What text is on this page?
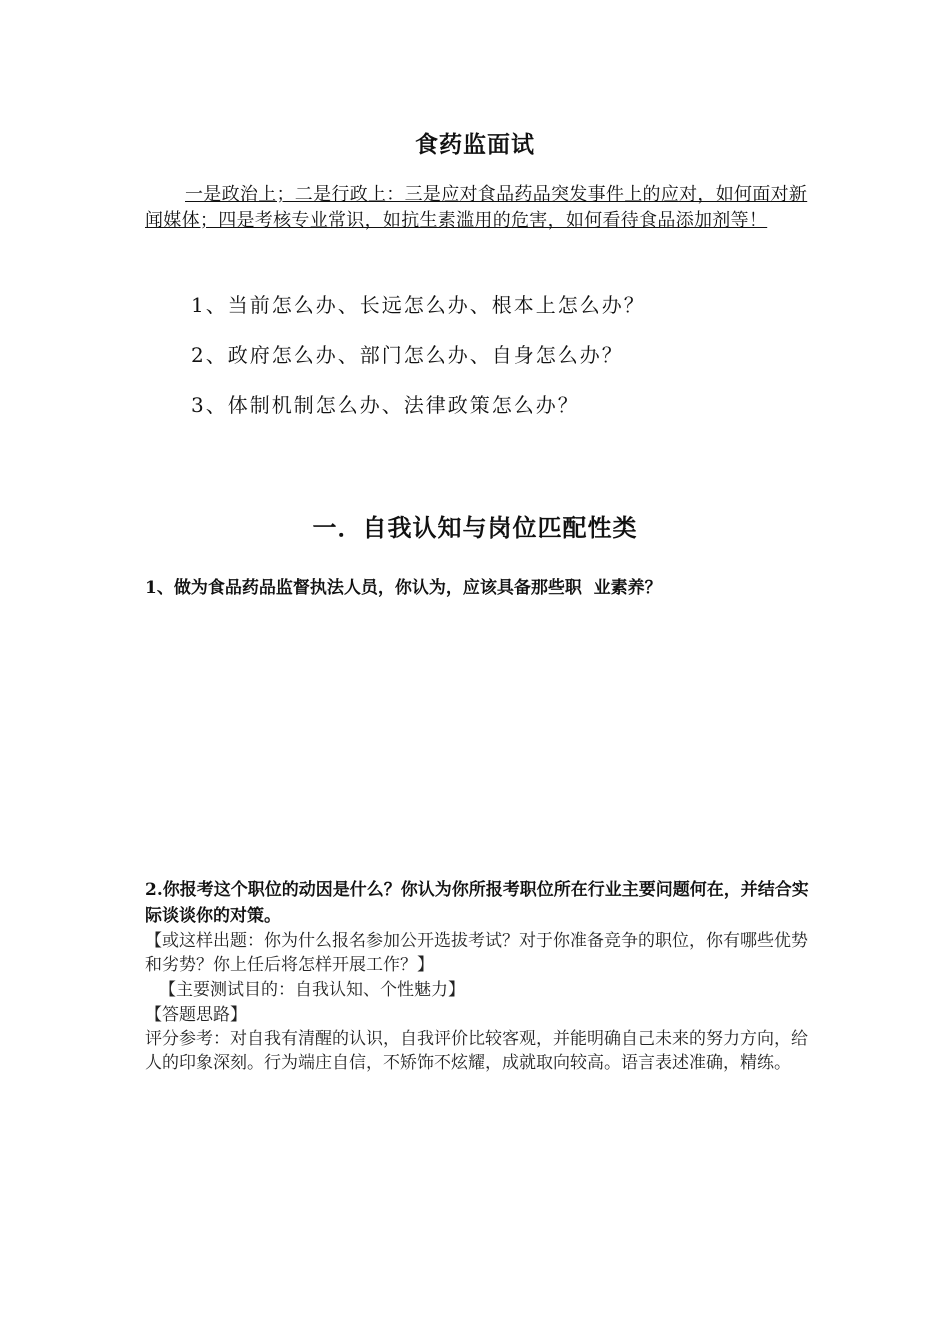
食药监面试
一是政治上；二是行政上：三是应对食品药品突发事件上的应对，如何面对新闻媒体；四是考核专业常识，如抗生素滥用的危害，如何看待食品添加剂等！
1、当前怎么办、长远怎么办、根本上怎么办？
2、政府怎么办、部门怎么办、自身怎么办？
3、体制机制怎么办、法律政策怎么办？
一．自我认知与岗位匹配性类
1、做为食品药品监督执法人员，你认为，应该具备那些职  业素养？
2.你报考这个职位的动因是什么？你认为你所报考职位所在行业主要问题何在，并结合实际谈谈你的对策。
【或这样出题：你为什么报名参加公开选拔考试？对于你准备竞争的职位，你有哪些优势和劣势？你上任后将怎样开展工作？】
【主要测试目的：自我认知、个性魅力】
【答题思路】
评分参考：对自我有清醒的认识，自我评价比较客观，并能明确自己未来的努力方向，给人的印象深刻。行为端庄自信，不矫饰不炫耀，成就取向较高。语言表述准确，精练。
